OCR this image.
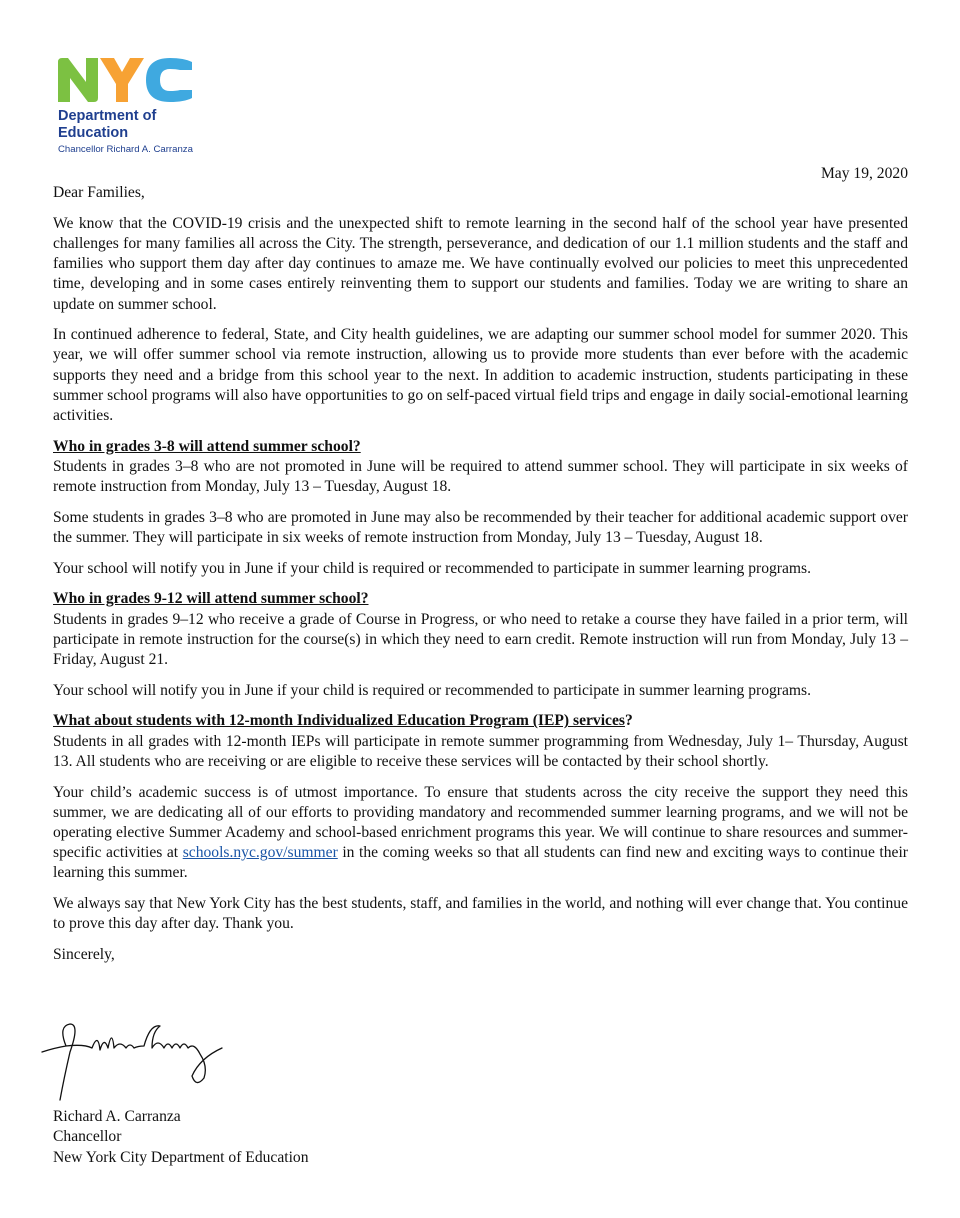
Department of Education
Chancellor Richard A. Carranza
May 19, 2020

Dear Families,

We know that the COVID-19 crisis and the unexpected shift to remote learning in the second half of the school year have presented challenges for many families all across the City. The strength, perseverance, and dedication of our 1.1 million students and the staff and families who support them day after day continues to amaze me. We have continually evolved our policies to meet this unprecedented time, developing and in some cases entirely reinventing them to support our students and families. Today we are writing to share an update on summer school.

In continued adherence to federal, State, and City health guidelines, we are adapting our summer school model for summer 2020. This year, we will offer summer school via remote instruction, allowing us to provide more students than ever before with the academic supports they need and a bridge from this school year to the next. In addition to academic instruction, students participating in these summer school programs will also have opportunities to go on self-paced virtual field trips and engage in daily social-emotional learning activities.

Who in grades 3-8 will attend summer school?
Students in grades 3–8 who are not promoted in June will be required to attend summer school. They will participate in six weeks of remote instruction from Monday, July 13 – Tuesday, August 18.

Some students in grades 3–8 who are promoted in June may also be recommended by their teacher for additional academic support over the summer. They will participate in six weeks of remote instruction from Monday, July 13 – Tuesday, August 18.

Your school will notify you in June if your child is required or recommended to participate in summer learning programs.

Who in grades 9-12 will attend summer school?
Students in grades 9–12 who receive a grade of Course in Progress, or who need to retake a course they have failed in a prior term, will participate in remote instruction for the course(s) in which they need to earn credit. Remote instruction will run from Monday, July 13 –Friday, August 21.

Your school will notify you in June if your child is required or recommended to participate in summer learning programs.

What about students with 12-month Individualized Education Program (IEP) services?
Students in all grades with 12-month IEPs will participate in remote summer programming from Wednesday, July 1– Thursday, August 13. All students who are receiving or are eligible to receive these services will be contacted by their school shortly.

Your child’s academic success is of utmost importance. To ensure that students across the city receive the support they need this summer, we are dedicating all of our efforts to providing mandatory and recommended summer learning programs, and we will not be operating elective Summer Academy and school-based enrichment programs this year. We will continue to share resources and summer-specific activities at schools.nyc.gov/summer in the coming weeks so that all students can find new and exciting ways to continue their learning this summer.

We always say that New York City has the best students, staff, and families in the world, and nothing will ever change that. You continue to prove this day after day. Thank you.

Sincerely,

Richard A. Carranza
Chancellor
New York City Department of Education
